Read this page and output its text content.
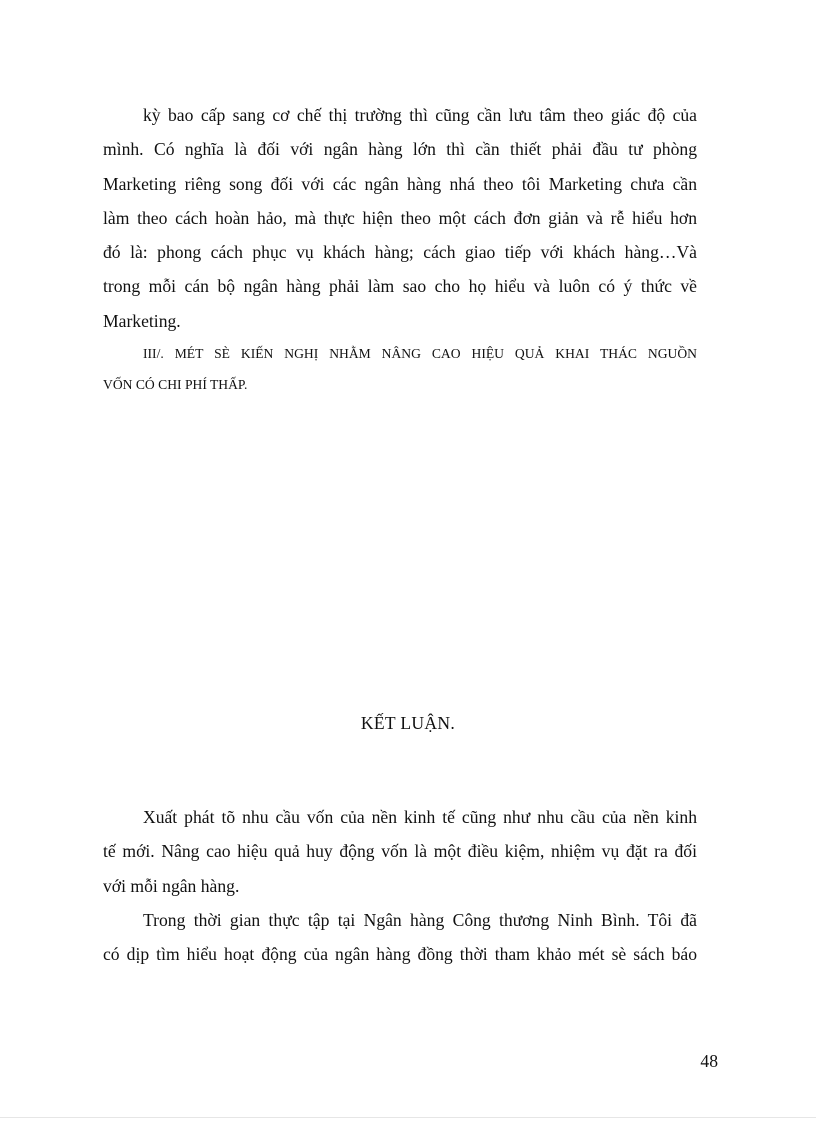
kỳ bao cấp sang cơ chế thị trường thì cũng cần lưu tâm theo giác độ của
mình. Có nghĩa là đối với ngân hàng lớn thì cần thiết phải đầu tư phòng
Marketing riêng song đối với các ngân hàng nhá theo tôi Marketing chưa cần
làm theo cách hoàn hảo, mà thực hiện theo một cách đơn giản và rễ hiểu hơn
đó là: phong cách phục vụ khách hàng; cách giao tiếp với khách hàng…Và
trong mỗi cán bộ ngân hàng phải làm sao cho họ hiểu và luôn có ý thức về
Marketing.
III/. MÉT SÈ KIẾN NGHỊ NHẰM NÂNG CAO HIỆU QUẢ KHAI THÁC NGUỒN
VỐN CÓ CHI PHÍ THẤP.
KẾT LUẬN.
Xuất phát tõ nhu cầu vốn của nền kinh tế cũng như nhu cầu của nền kinh
tế mới. Nâng cao hiệu quả huy động vốn là một điều kiệm, nhiệm vụ đặt ra đối
với mỗi ngân hàng.
Trong thời gian thực tập tại Ngân hàng Công thương Ninh Bình. Tôi đã
có dịp tìm hiểu hoạt động của ngân hàng đồng thời tham khảo mét sè sách báo
48
